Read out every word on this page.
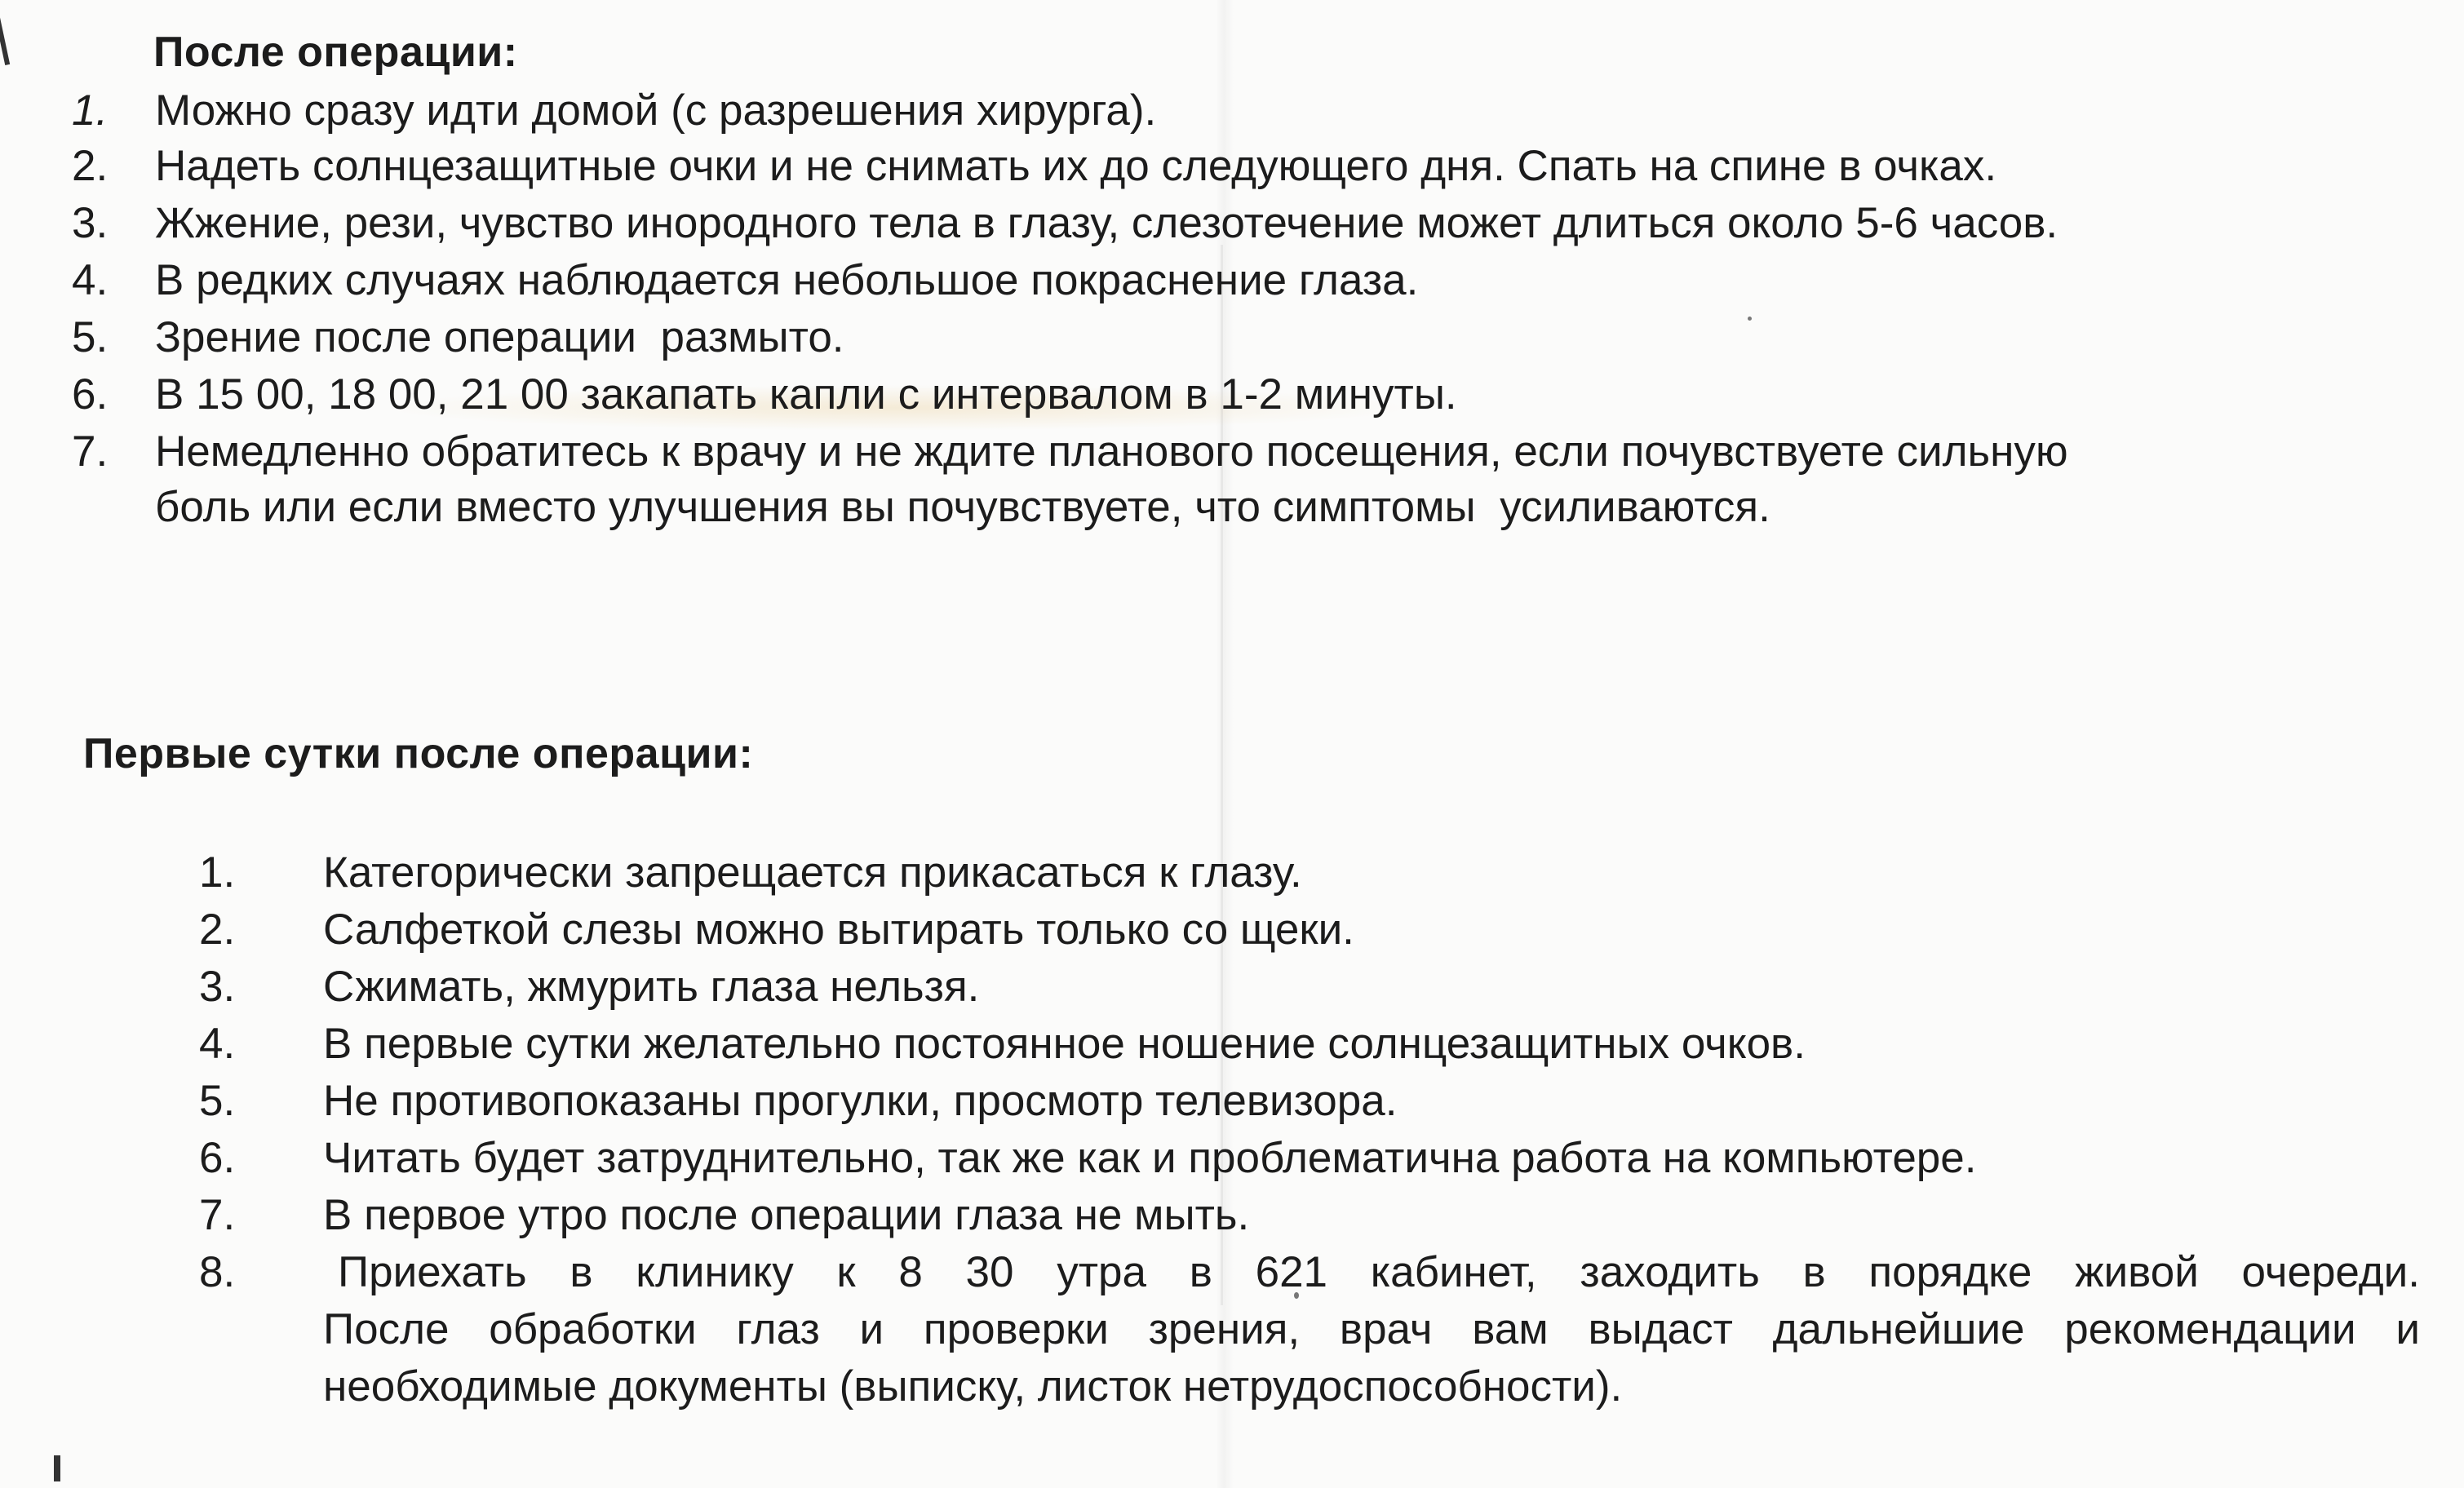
После операции:
1. Можно сразу идти домой (с разрешения хирурга).
2. Надеть солнцезащитные очки и не снимать их до следующего дня. Спать на спине в очках.
3. Жжение, рези, чувство инородного тела в глазу, слезотечение может длиться около 5-6 часов.
4. В редких случаях наблюдается небольшое покраснение глаза.
5. Зрение после операции  размыто.
6. В 15 00, 18 00, 21 00 закапать капли с интервалом в 1-2 минуты.
7. Немедленно обратитесь к врачу и не ждите планового посещения, если почувствуете сильную
боль или если вместо улучшения вы почувствуете, что симптомы  усиливаются.
Первые сутки после операции:
1. Категорически запрещается прикасаться к глазу.
2. Салфеткой слезы можно вытирать только со щеки.
3. Сжимать, жмурить глаза нельзя.
4. В первые сутки желательно постоянное ношение солнцезащитных очков.
5. Не противопоказаны прогулки, просмотр телевизора.
6. Читать будет затруднительно, так же как и проблематична работа на компьютере.
7. В первое утро после операции глаза не мыть.
8. Приехать в клинику к 8 30 утра в 621 кабинет, заходить в порядке живой очереди.
После обработки глаз и проверки зрения, врач вам выдаст дальнейшие рекомендации и
необходимые документы (выписку, листок нетрудоспособности).
